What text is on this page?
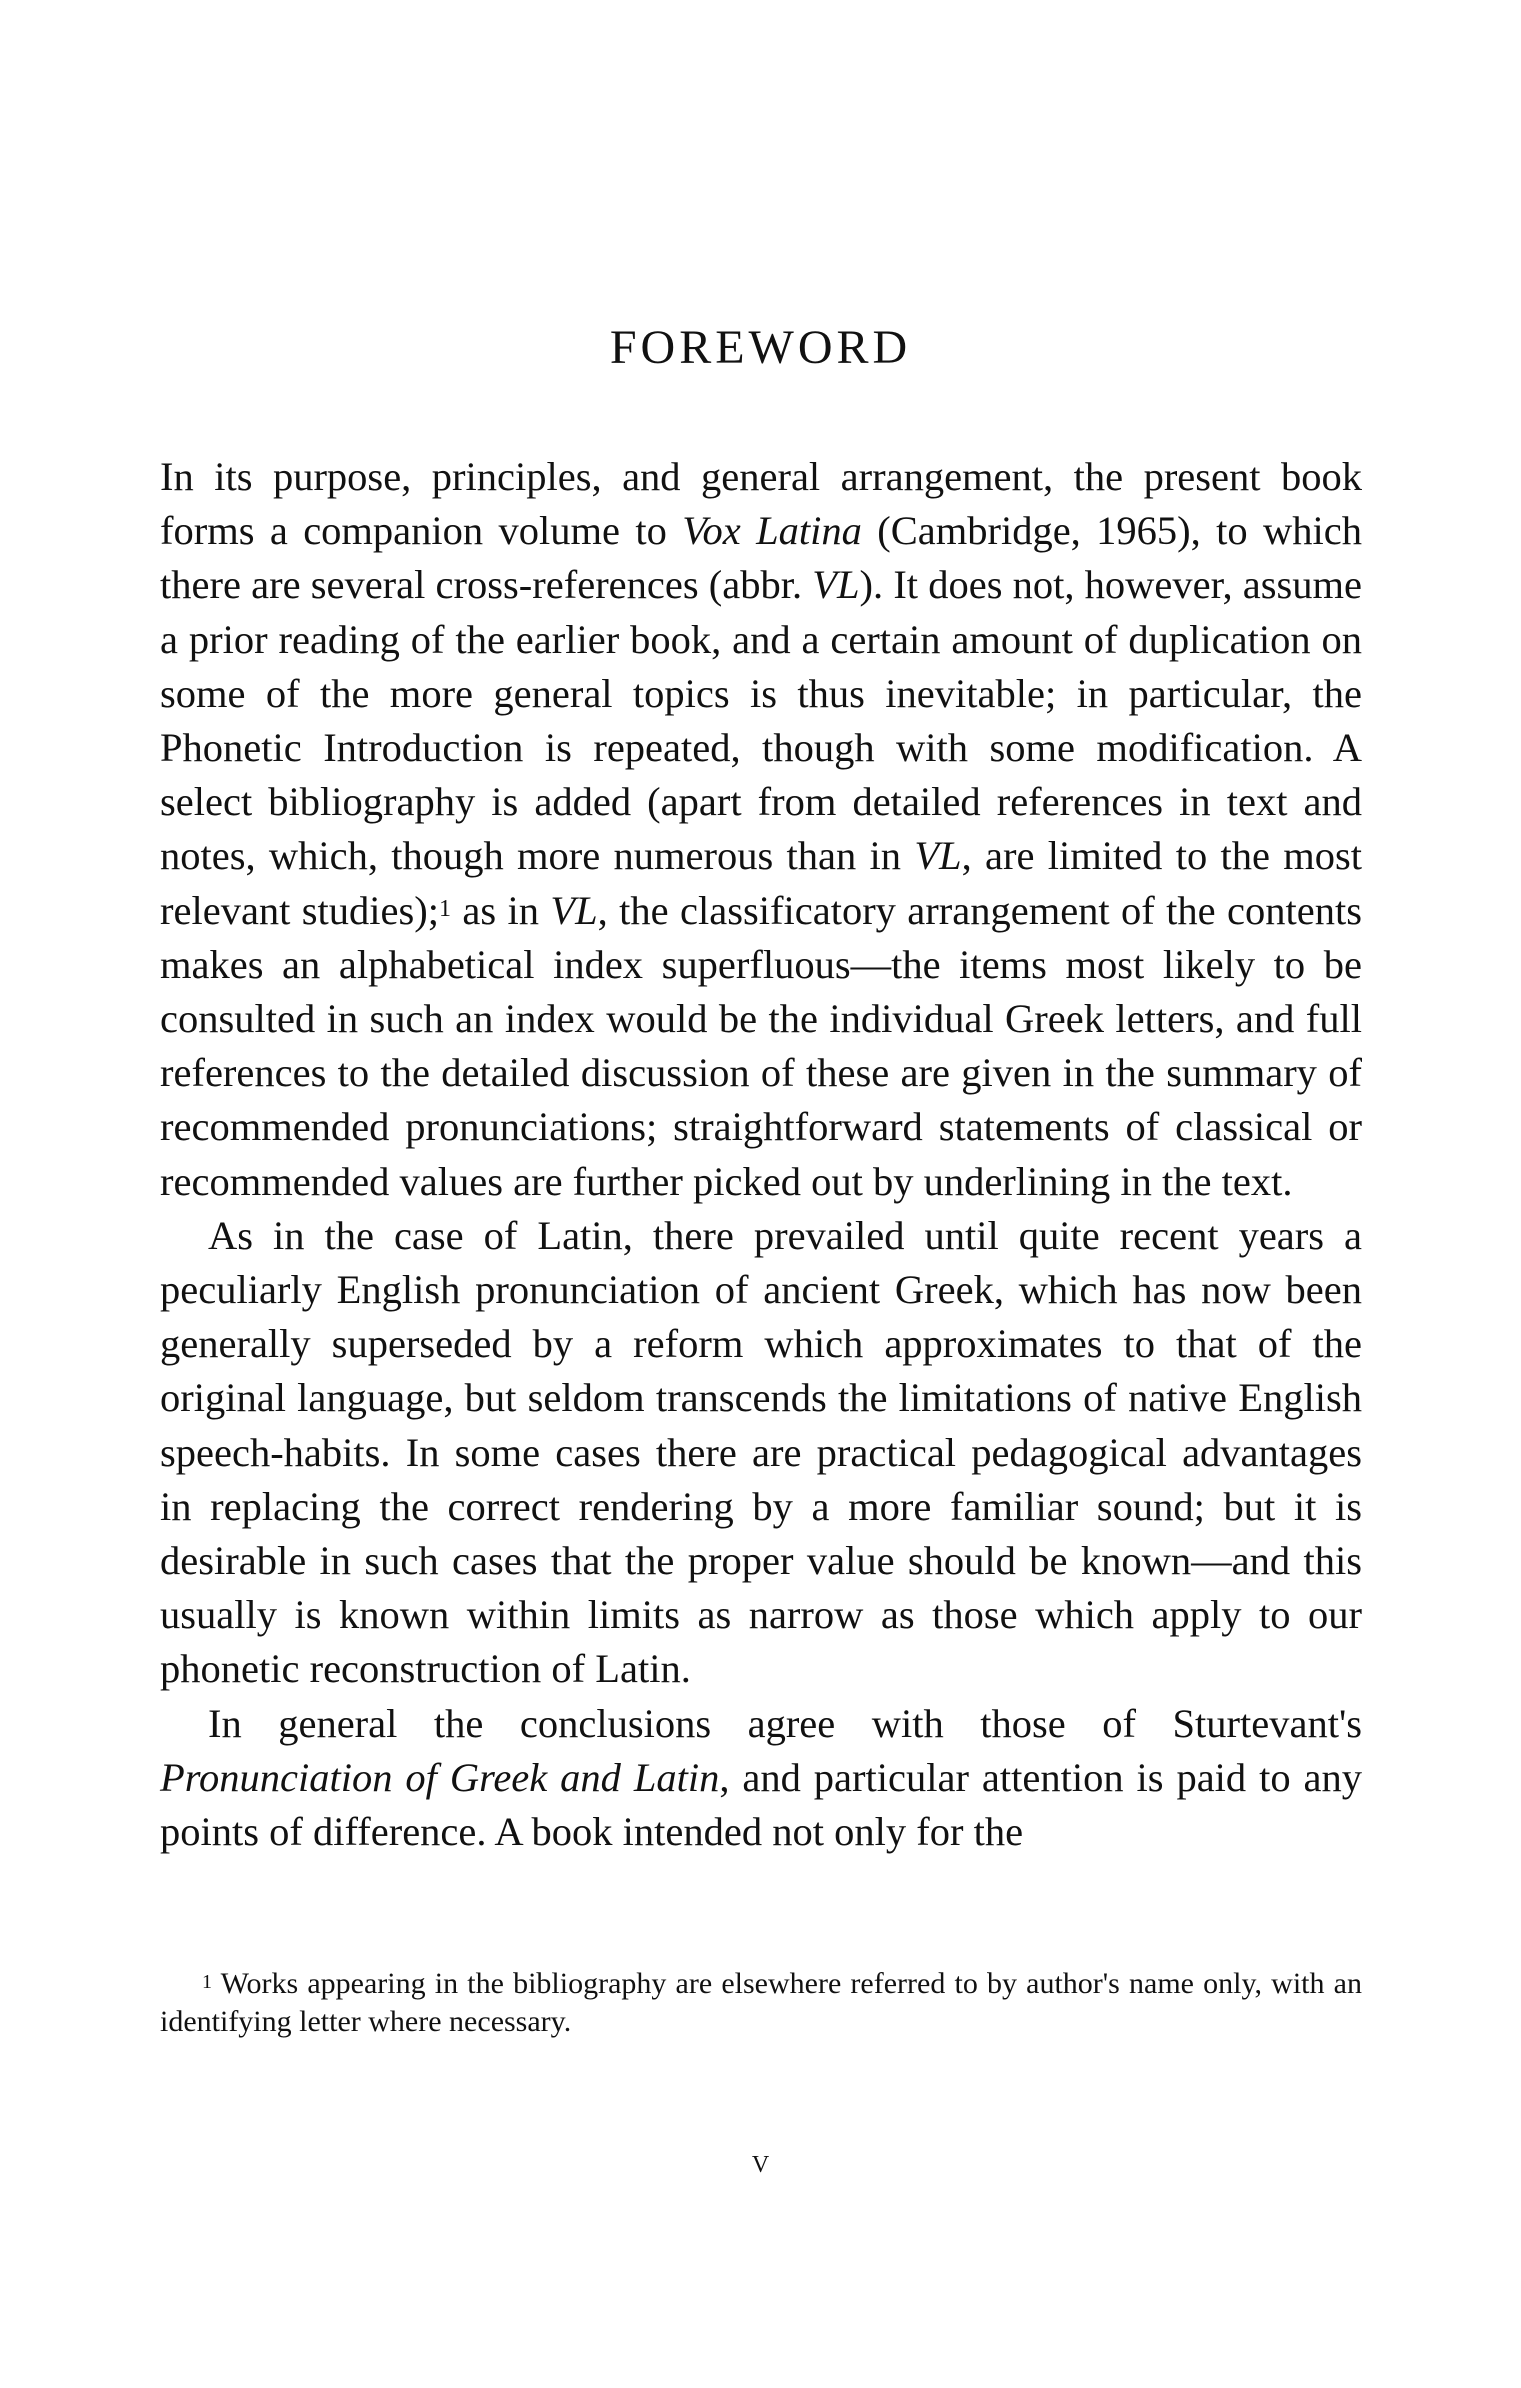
FOREWORD

In its purpose, principles, and general arrangement, the present book forms a companion volume to Vox Latina (Cambridge, 1965), to which there are several cross-references (abbr. VL). It does not, however, assume a prior reading of the earlier book, and a certain amount of duplication on some of the more general topics is thus inevitable; in particular, the Phonetic Introduction is repeated, though with some modification. A select bibliography is added (apart from detailed references in text and notes, which, though more numerous than in VL, are limited to the most relevant studies);$^1$ as in VL, the classificatory arrangement of the contents makes an alphabetical index superfluous—the items most likely to be consulted in such an index would be the individual Greek letters, and full references to the detailed discussion of these are given in the summary of recommended pronunciations; straightforward statements of classical or recommended values are further picked out by underlining in the text.

As in the case of Latin, there prevailed until quite recent years a peculiarly English pronunciation of ancient Greek, which has now been generally superseded by a reform which approximates to that of the original language, but seldom transcends the limitations of native English speech-habits. In some cases there are practical pedagogical advantages in replacing the correct rendering by a more familiar sound; but it is desirable in such cases that the proper value should be known—and this usually is known within limits as narrow as those which apply to our phonetic reconstruction of Latin.

In general the conclusions agree with those of Sturtevant's Pronunciation of Greek and Latin, and particular attention is paid to any points of difference. A book intended not only for the

$^1$ Works appearing in the bibliography are elsewhere referred to by author's name only, with an identifying letter where necessary.

v
